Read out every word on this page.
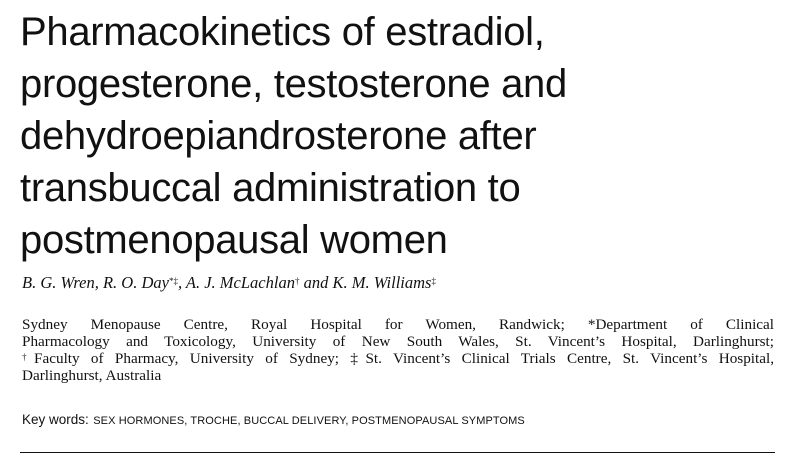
Pharmacokinetics of estradiol,
progesterone, testosterone and
dehydroepiandrosterone after
transbuccal administration to
postmenopausal women
B. G. Wren, R. O. Day*‡, A. J. McLachlan† and K. M. Williams‡
Sydney Menopause Centre, Royal Hospital for Women, Randwick; *Department of Clinical
Pharmacology and Toxicology, University of New South Wales, St. Vincent’s Hospital, Darlinghurst;
†Faculty of Pharmacy, University of Sydney; ‡St. Vincent’s Clinical Trials Centre, St. Vincent’s Hospital,
Darlinghurst, Australia
Key words: SEX HORMONES, TROCHE, BUCCAL DELIVERY, POSTMENOPAUSAL SYMPTOMS
